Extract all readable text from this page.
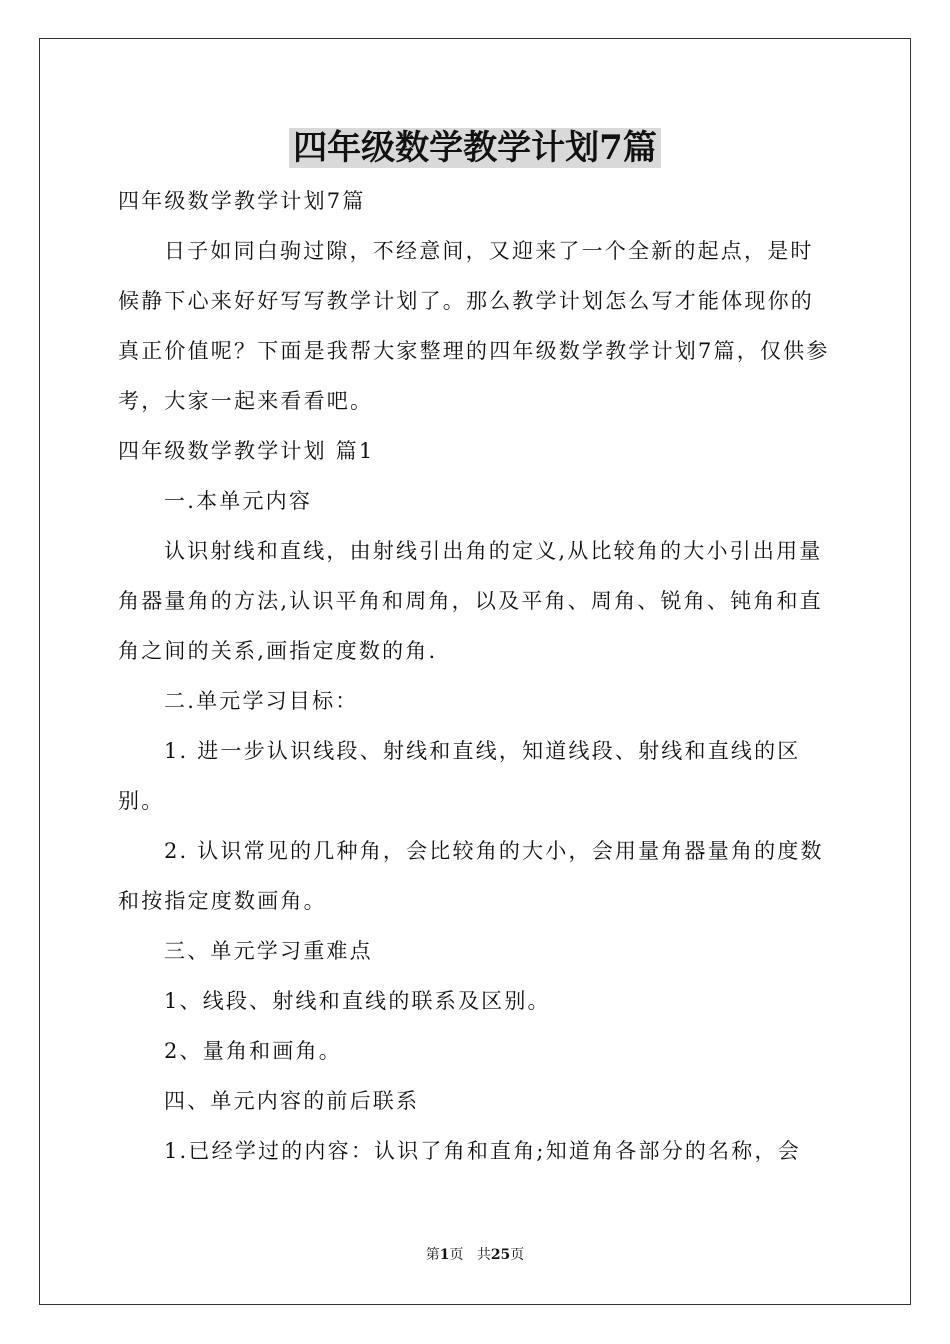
四年级数学教学计划7篇

四年级数学教学计划7篇

日子如同白驹过隙，不经意间，又迎来了一个全新的起点，是时候静下心来好好写写教学计划了。那么教学计划怎么写才能体现你的真正价值呢？下面是我帮大家整理的四年级数学教学计划7篇，仅供参考，大家一起来看看吧。

四年级数学教学计划 篇1

一.本单元内容

认识射线和直线，由射线引出角的定义,从比较角的大小引出用量角器量角的方法,认识平角和周角，以及平角、周角、锐角、钝角和直角之间的关系,画指定度数的角.

二.单元学习目标：

1. 进一步认识线段、射线和直线，知道线段、射线和直线的区别。

2. 认识常见的几种角，会比较角的大小，会用量角器量角的度数和按指定度数画角。

三、单元学习重难点

1、线段、射线和直线的联系及区别。

2、量角和画角。

四、单元内容的前后联系

1.已经学过的内容：认识了角和直角;知道角各部分的名称，会

第1页 共25页
